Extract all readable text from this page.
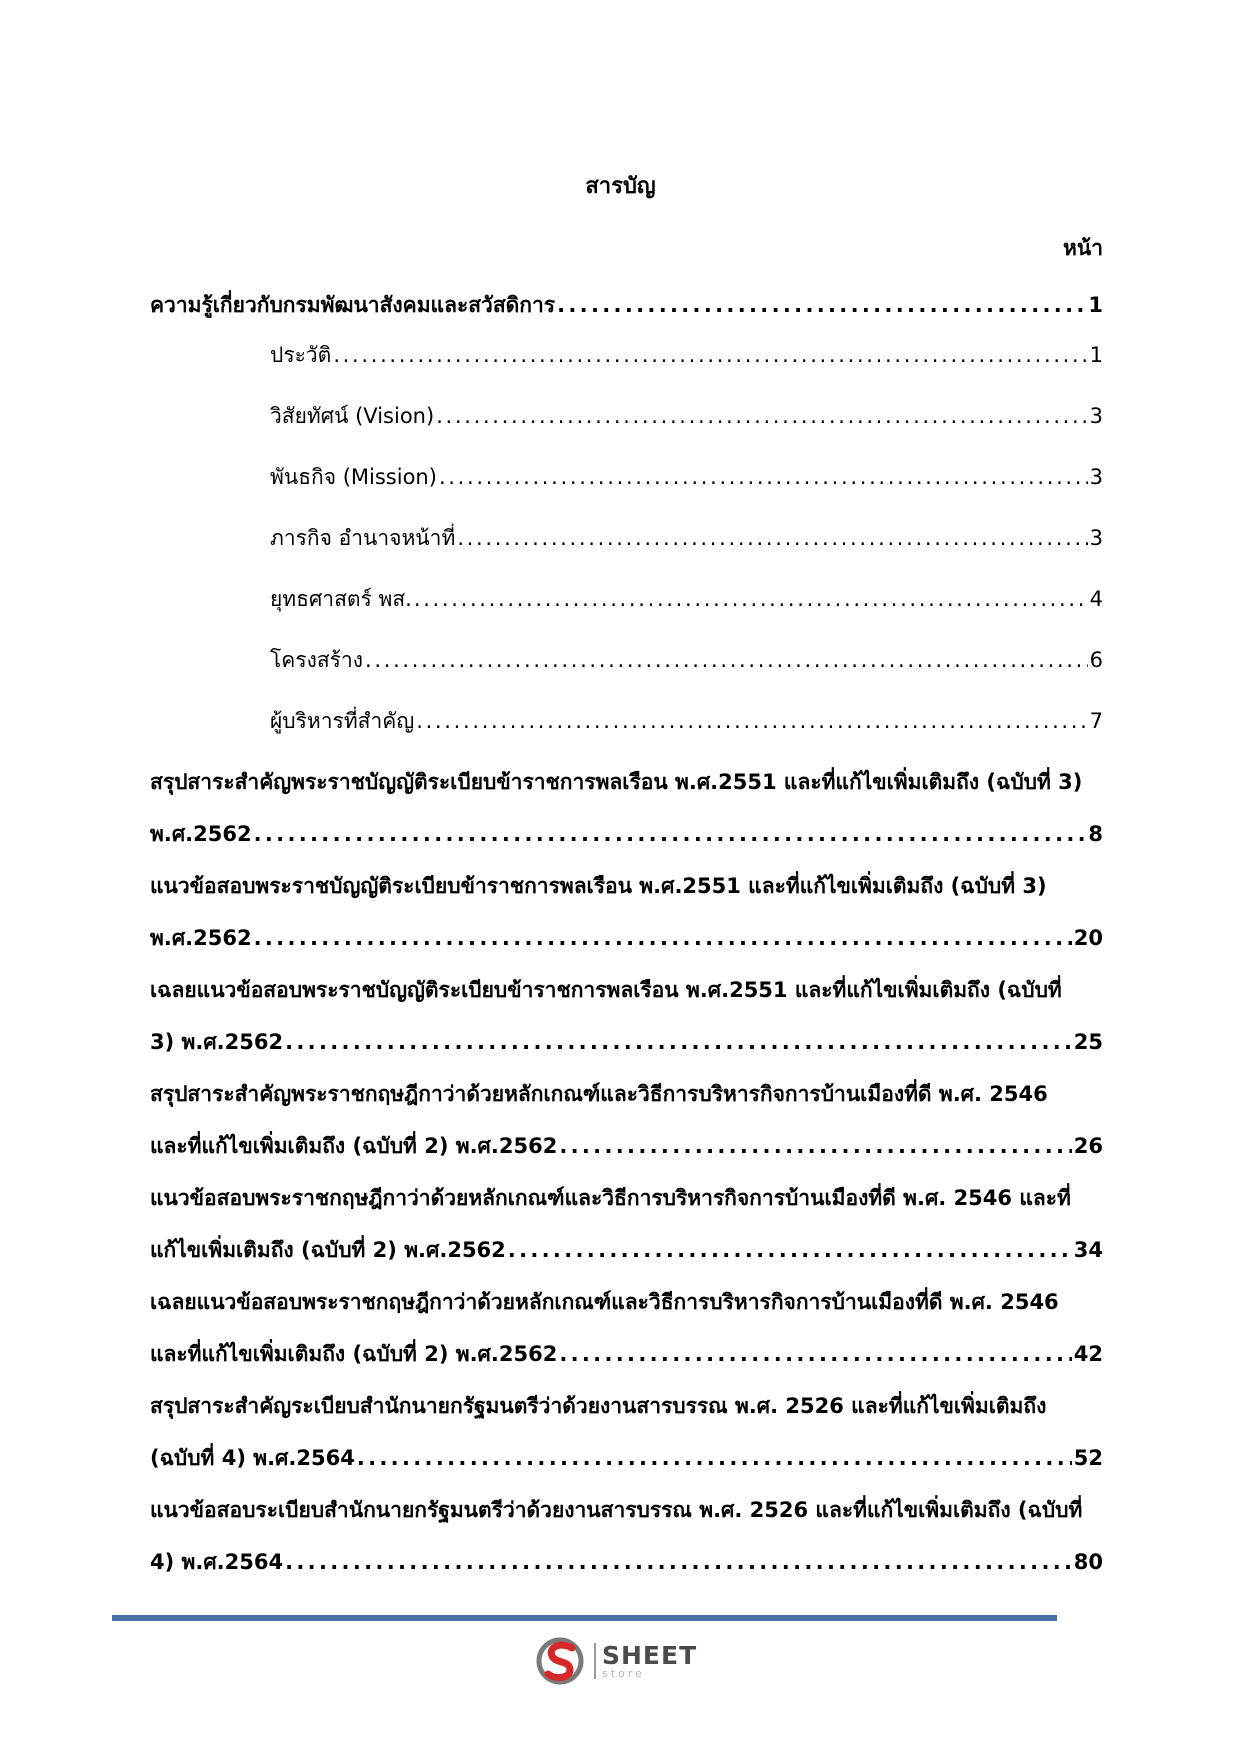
สารบัญ
หน้า
ความรู้เกี่ยวกับกรมพัฒนาสังคมและสวัสดิการ . . .	1
ประวัติ . . .	1
วิสัยทัศน์ (Vision) . . .	3
พันธกิจ (Mission) . . .	3
ภารกิจ อำนาจหน้าที่ . . .	3
ยุทธศาสตร์ พส. . . .	4
โครงสร้าง . . .	6
ผู้บริหารที่สำคัญ . . .	7
สรุปสาระสำคัญพระราชบัญญัติระเบียบข้าราชการพลเรือน พ.ศ.2551 และที่แก้ไขเพิ่มเติมถึง (ฉบับที่ 3)
พ.ศ.2562 . . .	8
แนวข้อสอบพระราชบัญญัติระเบียบข้าราชการพลเรือน พ.ศ.2551 และที่แก้ไขเพิ่มเติมถึง (ฉบับที่ 3)
พ.ศ.2562 . . .	20
เฉลยแนวข้อสอบพระราชบัญญัติระเบียบข้าราชการพลเรือน พ.ศ.2551 และที่แก้ไขเพิ่มเติมถึง (ฉบับที่
3) พ.ศ.2562 . . .	25
สรุปสาระสำคัญพระราชกฤษฎีกาว่าด้วยหลักเกณฑ์และวิธีการบริหารกิจการบ้านเมืองที่ดี พ.ศ. 2546
และที่แก้ไขเพิ่มเติมถึง (ฉบับที่ 2) พ.ศ.2562 . . .	26
แนวข้อสอบพระราชกฤษฎีกาว่าด้วยหลักเกณฑ์และวิธีการบริหารกิจการบ้านเมืองที่ดี พ.ศ. 2546 และที่
แก้ไขเพิ่มเติมถึง (ฉบับที่ 2) พ.ศ.2562 . . .	34
เฉลยแนวข้อสอบพระราชกฤษฎีกาว่าด้วยหลักเกณฑ์และวิธีการบริหารกิจการบ้านเมืองที่ดี พ.ศ. 2546
และที่แก้ไขเพิ่มเติมถึง (ฉบับที่ 2) พ.ศ.2562 . . .	42
สรุปสาระสำคัญระเบียบสำนักนายกรัฐมนตรีว่าด้วยงานสารบรรณ พ.ศ. 2526 และที่แก้ไขเพิ่มเติมถึง
(ฉบับที่ 4) พ.ศ.2564 . . .	52
แนวข้อสอบระเบียบสำนักนายกรัฐมนตรีว่าด้วยงานสารบรรณ พ.ศ. 2526 และที่แก้ไขเพิ่มเติมถึง (ฉบับที่
4) พ.ศ.2564 . . .	80
SHEET
store
